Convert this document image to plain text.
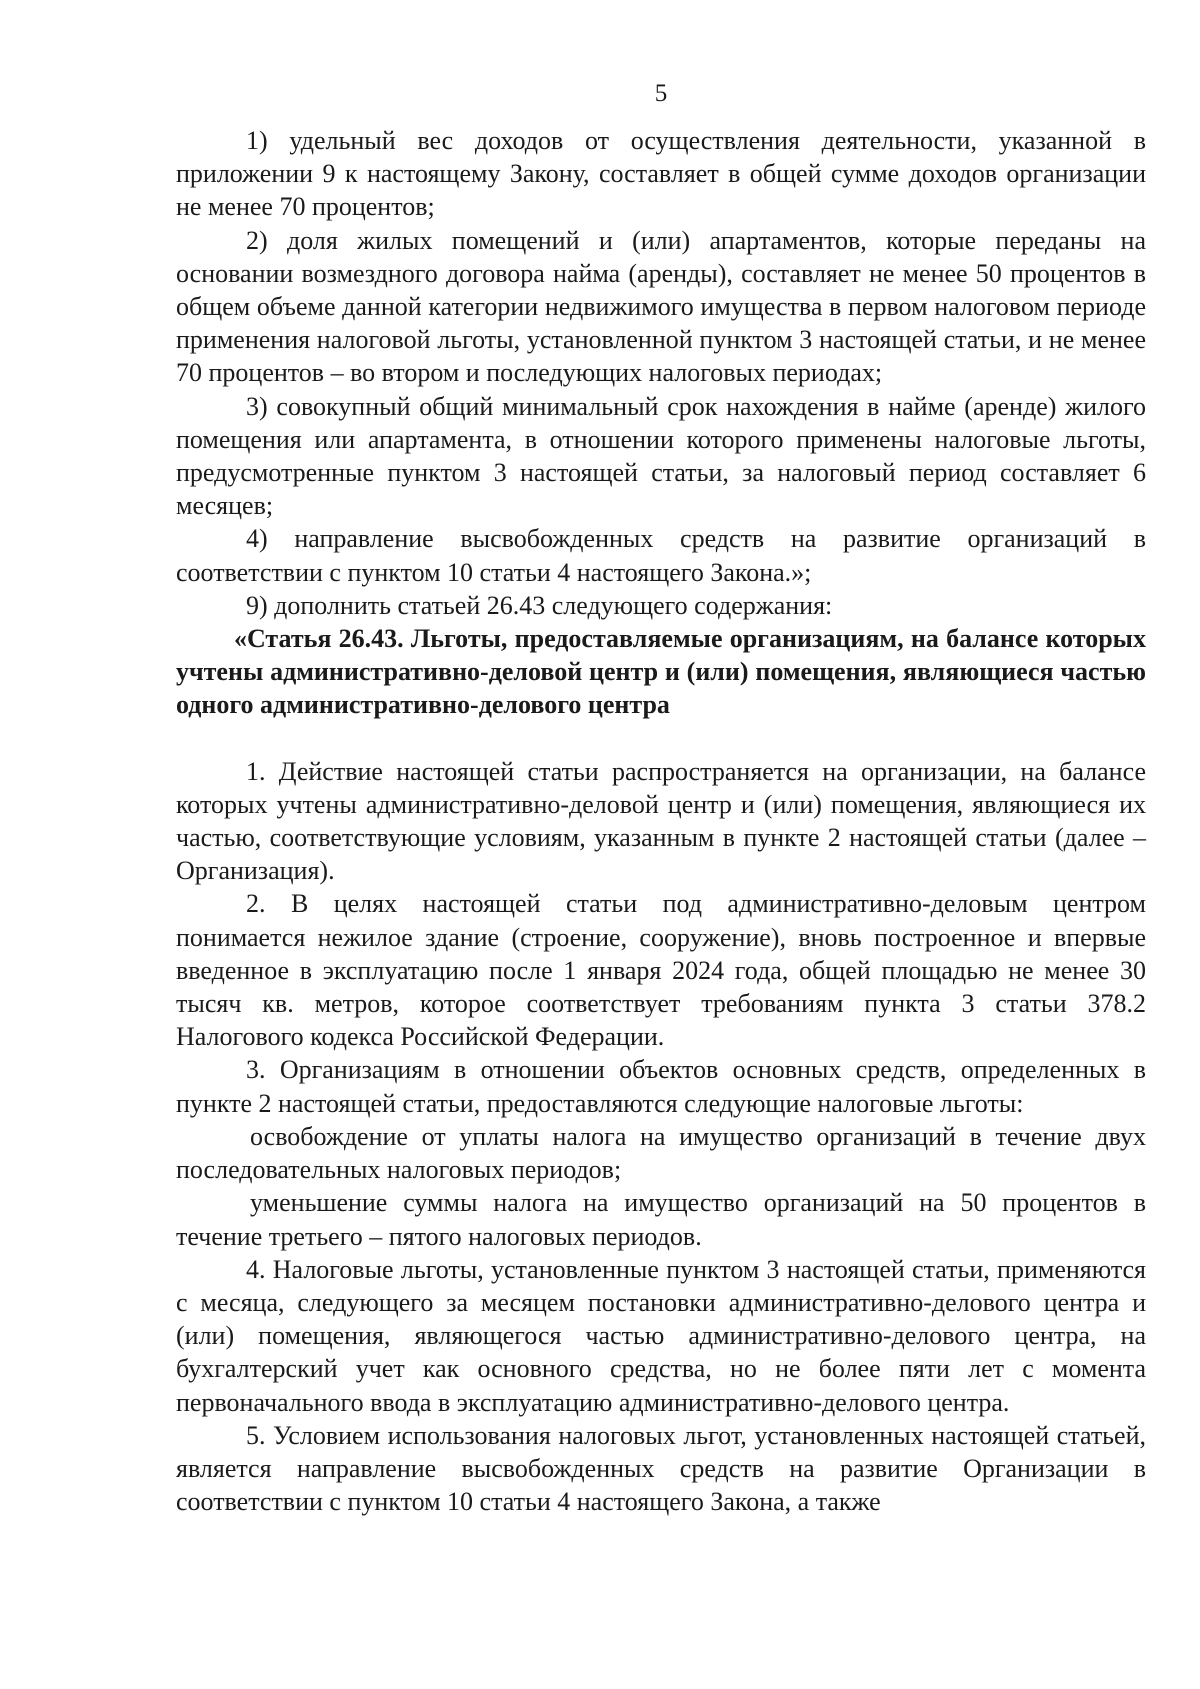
5

1) удельный вес доходов от осуществления деятельности, указанной в приложении 9 к настоящему Закону, составляет в общей сумме доходов организации не менее 70 процентов;

2) доля жилых помещений и (или) апартаментов, которые переданы на основании возмездного договора найма (аренды), составляет не менее 50 процентов в общем объеме данной категории недвижимого имущества в первом налоговом периоде применения налоговой льготы, установленной пунктом 3 настоящей статьи, и не менее 70 процентов – во втором и последующих налоговых периодах;

3) совокупный общий минимальный срок нахождения в найме (аренде) жилого помещения или апартамента, в отношении которого применены налоговые льготы, предусмотренные пунктом 3 настоящей статьи, за налоговый период составляет 6 месяцев;

4) направление высвобожденных средств на развитие организаций в соответствии с пунктом 10 статьи 4 настоящего Закона.»;

9) дополнить статьей 26.43 следующего содержания:

«Статья 26.43. Льготы, предоставляемые организациям, на балансе которых учтены административно-деловой центр и (или) помещения, являющиеся частью одного административно-делового центра

1. Действие настоящей статьи распространяется на организации, на балансе которых учтены административно-деловой центр и (или) помещения, являющиеся их частью, соответствующие условиям, указанным в пункте 2 настоящей статьи (далее – Организация).

2. В целях настоящей статьи под административно-деловым центром понимается нежилое здание (строение, сооружение), вновь построенное и впервые введенное в эксплуатацию после 1 января 2024 года, общей площадью не менее 30 тысяч кв. метров, которое соответствует требованиям пункта 3 статьи 378.2 Налогового кодекса Российской Федерации.

3. Организациям в отношении объектов основных средств, определенных в пункте 2 настоящей статьи, предоставляются следующие налоговые льготы:

освобождение от уплаты налога на имущество организаций в течение двух последовательных налоговых периодов;

уменьшение суммы налога на имущество организаций на 50 процентов в течение третьего – пятого налоговых периодов.

4. Налоговые льготы, установленные пунктом 3 настоящей статьи, применяются с месяца, следующего за месяцем постановки административно-делового центра и (или) помещения, являющегося частью административно-делового центра, на бухгалтерский учет как основного средства, но не более пяти лет с момента первоначального ввода в эксплуатацию административно-делового центра.

5. Условием использования налоговых льгот, установленных настоящей статьей, является направление высвобожденных средств на развитие Организации в соответствии с пунктом 10 статьи 4 настоящего Закона, а также
